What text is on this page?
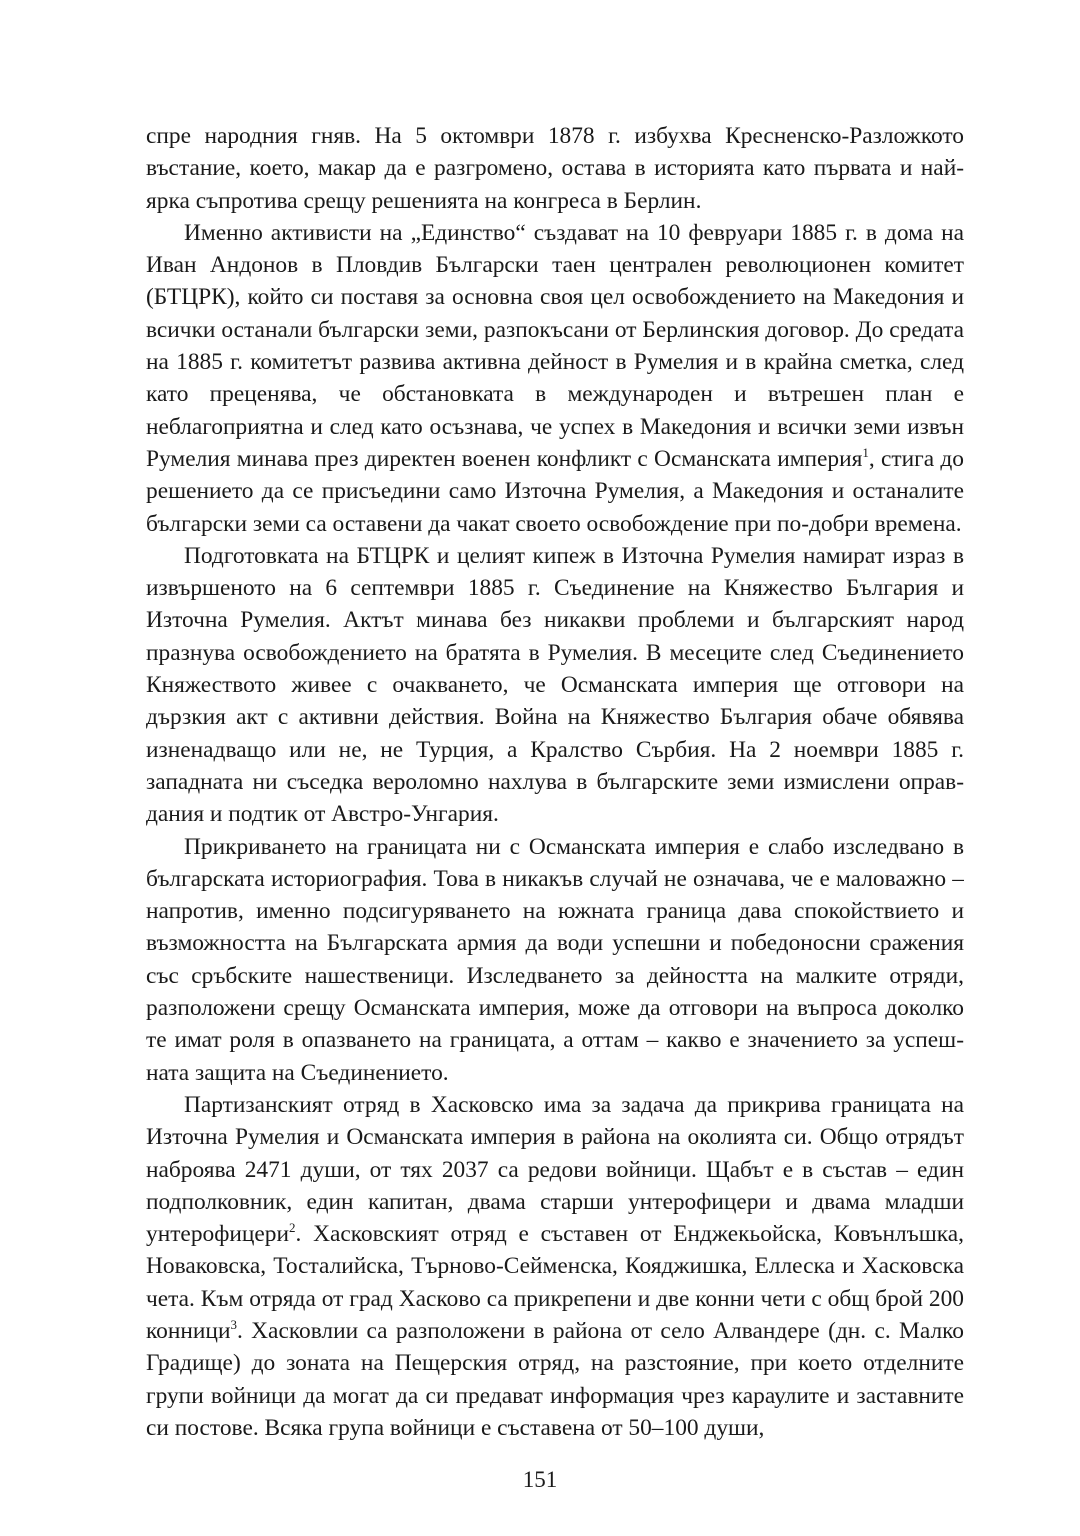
спре народния гняв. На 5 октомври 1878 г. избухва Кресненско-Разложкото въстание, което, макар да е разгромено, остава в историята като първата и най-ярка съпротива срещу решенията на конгреса в Берлин.

Именно активисти на „Единство“ създават на 10 февруари 1885 г. в дома на Иван Андонов в Пловдив Български таен централен революционен комитет (БТЦРК), който си поставя за основна своя цел освобождението на Македония и всички останали български земи, разпокъсани от Берлинския договор. До средата на 1885 г. комитетът развива активна дейност в Румелия и в крайна сметка, след като преценява, че обстановката в международен и вътрешен план е неблагоприятна и след като осъзнава, че успех в Македония и всички земи извън Румелия минава през директен военен конфликт с Османската империя$^1$, стига до решението да се присъедини само Източна Румелия, а Македония и останалите български земи са оставени да чакат своето освобождение при по-добри времена.

Подготовката на БТЦРК и целият кипеж в Източна Румелия намират израз в извършеното на 6 септември 1885 г. Съединение на Княжество България и Източна Румелия. Актът минава без никакви проблеми и българският народ празнува освобождението на братята в Румелия. В месеците след Съединението Княжеството живее с очакването, че Османската империя ще отговори на дързкия акт с активни действия. Война на Княжество България обаче обявява изненадващо или не, не Турция, а Кралство Сърбия. На 2 ноември 1885 г. западната ни съседка вероломно нахлува в българските земи измислени оправдания и подтик от Австро-Унгария.

Прикриването на границата ни с Османската империя е слабо изследвано в българската историография. Това в никакъв случай не означава, че е маловажно – напротив, именно подсигуряването на южната граница дава спокойствието и възможността на Българската армия да води успешни и победоносни сражения със сръбските нашественици. Изследването за дейността на малките отряди, разположени срещу Османската империя, може да отговори на въпроса доколко те имат роля в опазването на границата, а оттам – какво е значението за успешната защита на Съединението.

Партизанският отряд в Хасковско има за задача да прикрива границата на Източна Румелия и Османската империя в района на околията си. Общо отрядът наброява 2471 души, от тях 2037 са редови войници. Щабът е в състав – един подполковник, един капитан, двама старши унтерофицери и двама младши унтерофицери$^2$. Хасковският отряд е съставен от Енджекьойска, Ковънлъшка, Новаковска, Тосталийска, Търново-Сейменска, Кояджишка, Еллеска и Хасковска чета. Към отряда от град Хасково са прикрепени и две конни чети с общ брой 200 конници$^3$. Хасковлии са разположени в района от село Алвандере (дн. с. Малко Градище) до зоната на Пещерския отряд, на разстояние, при което отделните групи войници да могат да си предават информация чрез караулите и заставните си постове. Всяка група войници е съставена от 50–100 души,

151
